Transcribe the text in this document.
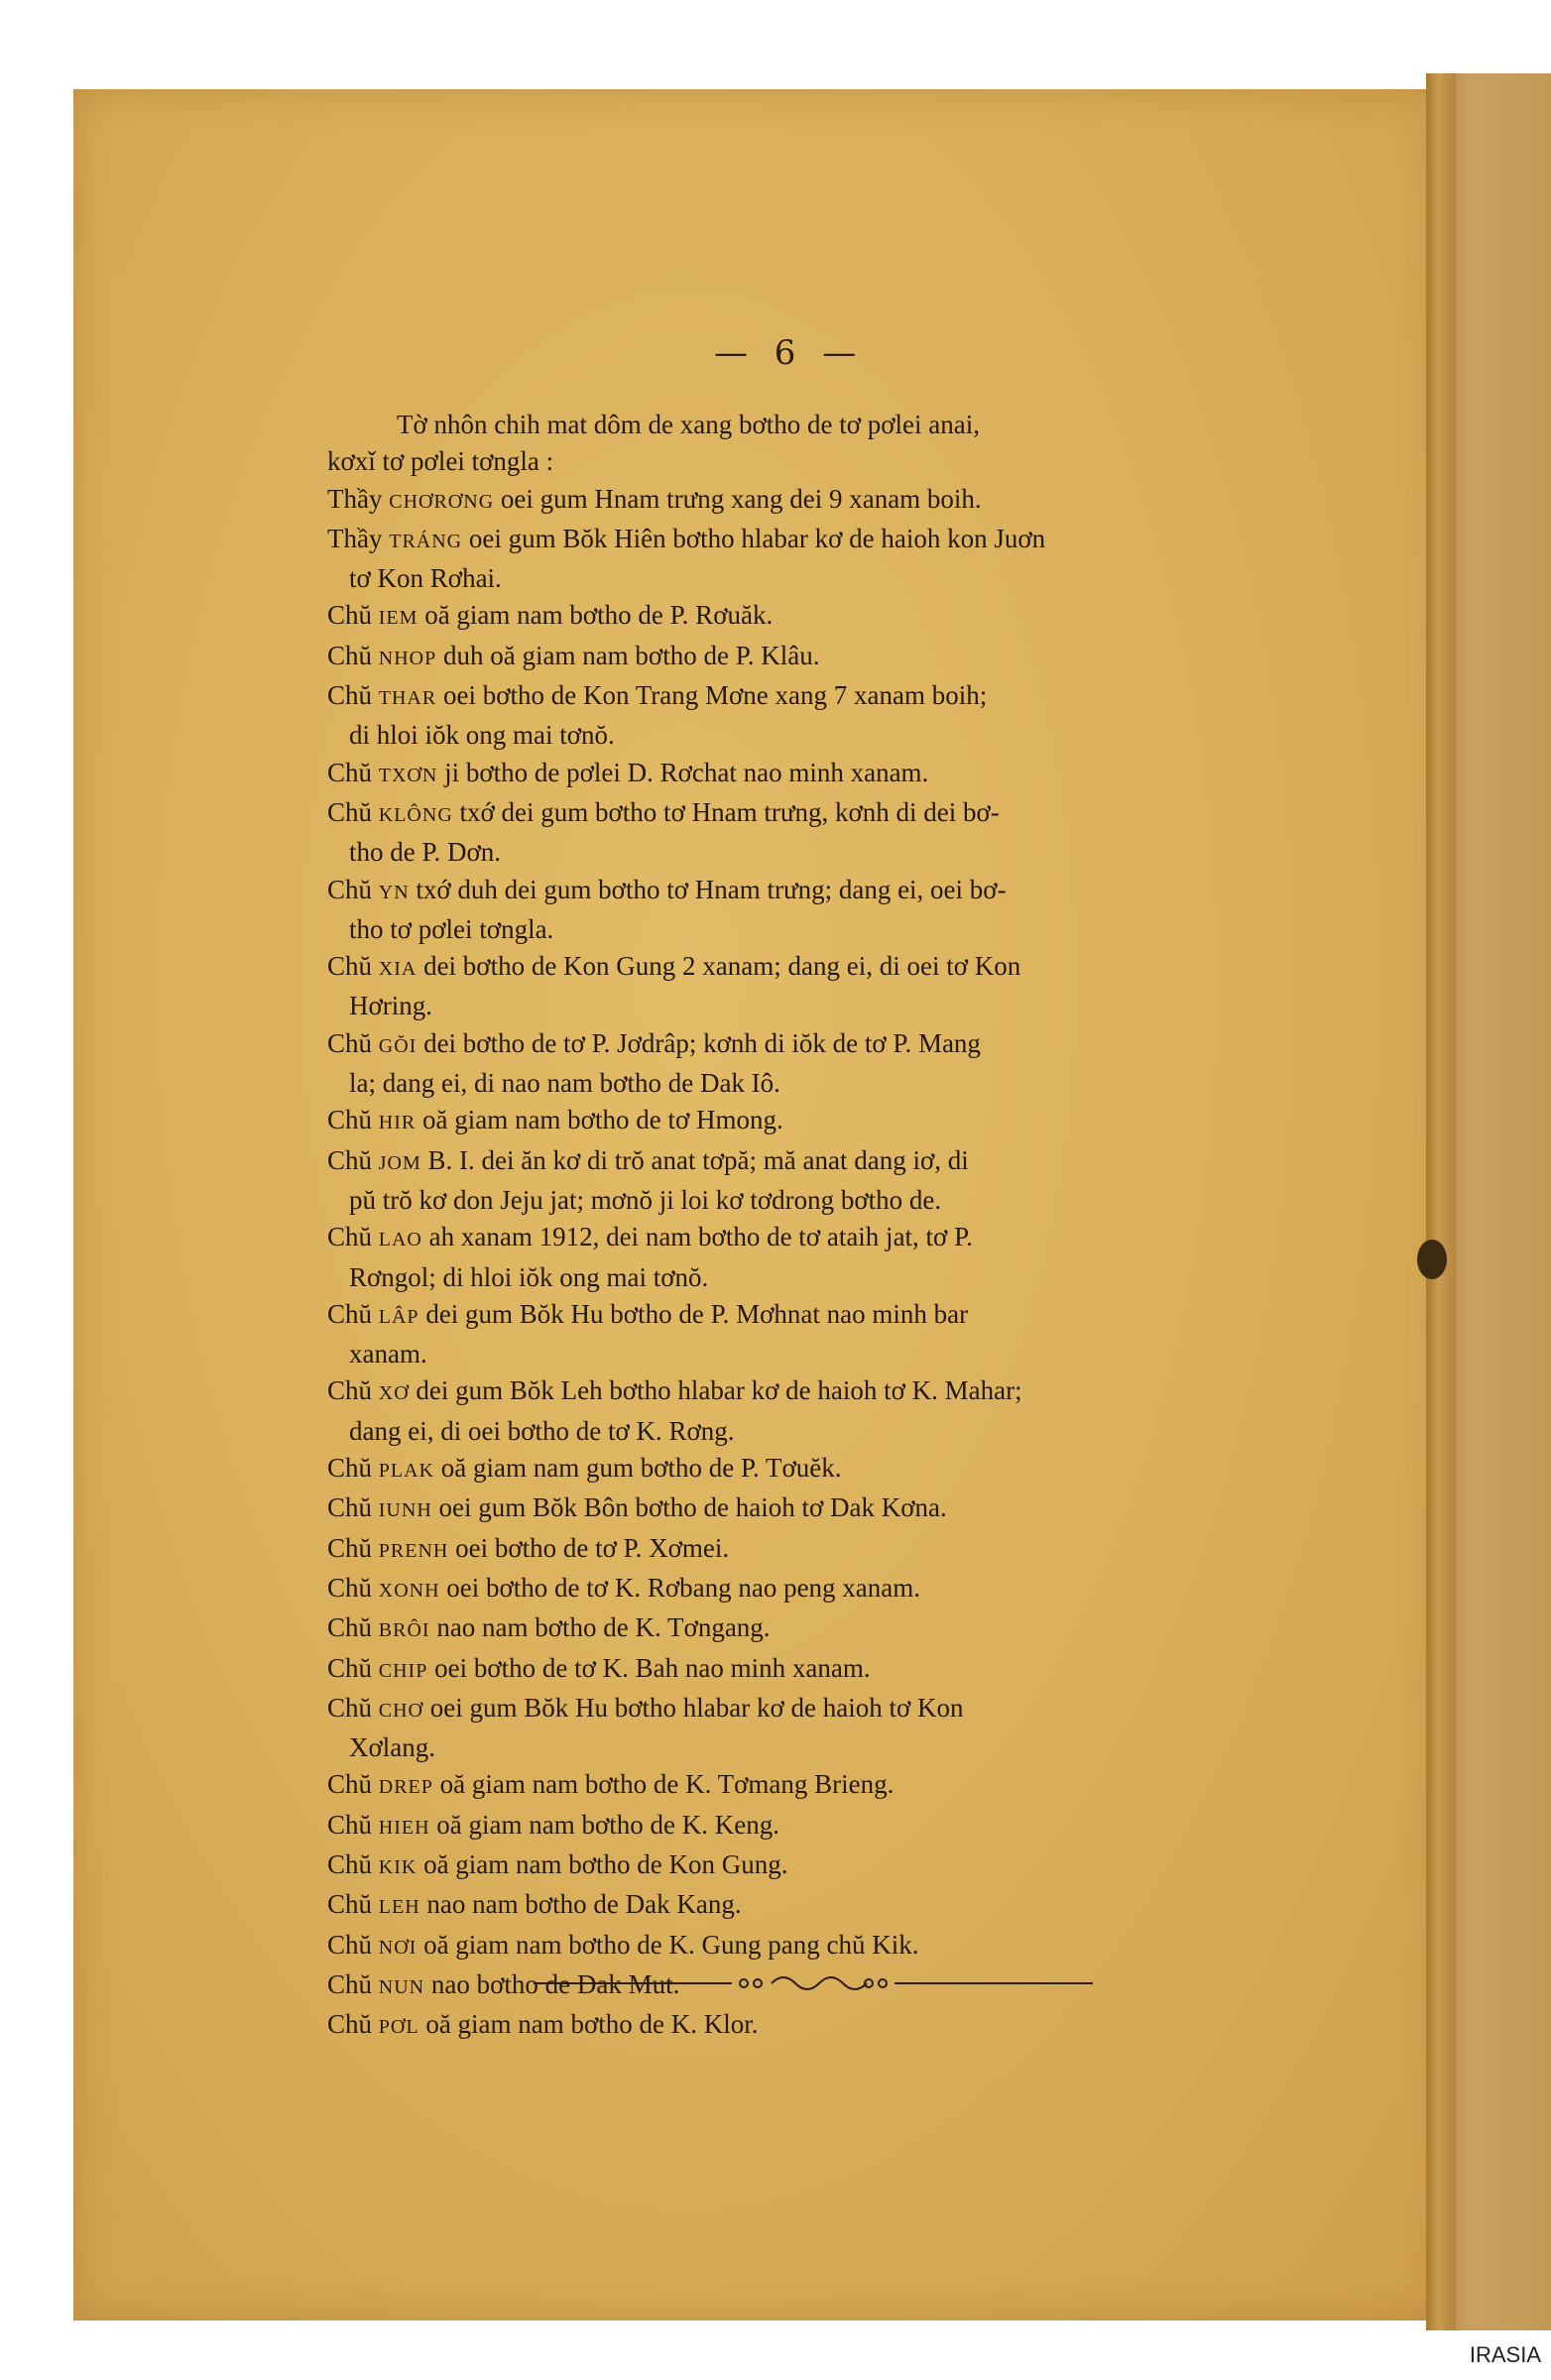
— 6 —
Tờ nhôn chih mat dôm de xang bơtho de tơ pơlei anai,
kơxǐ tơ pơlei tơngla :
Thầy CHƠRƠNG oei gum Hnam trưng xang dei 9 xanam boih.
Thầy TRÁNG oei gum Bŏk Hiên bơtho hlabar kơ de haioh kon Juơn
tơ Kon Rơhai.
Chŭ IEM oă giam nam bơtho de P. Rơuăk.
Chŭ NHOP duh oă giam nam bơtho de P. Klâu.
Chŭ THAR oei bơtho de Kon Trang Mơne xang 7 xanam boih;
di hloi iŏk ong mai tơnŏ.
Chŭ TXƠN ji bơtho de pơlei D. Rơchat nao minh xanam.
Chŭ KLÔNG txớ dei gum bơtho tơ Hnam trưng, kơnh di dei bơ-
tho de P. Dơn.
Chŭ YN txớ duh dei gum bơtho tơ Hnam trưng; dang ei, oei bơ-
tho tơ pơlei tơngla.
Chŭ XIA dei bơtho de Kon Gung 2 xanam; dang ei, di oei tơ Kon
Hơring.
Chŭ GŎI dei bơtho de tơ P. Jơdrâp; kơnh di iŏk de tơ P. Mang
la; dang ei, di nao nam bơtho de Dak Iô.
Chŭ HIR oă giam nam bơtho de tơ Hmong.
Chŭ JOM B. I. dei ăn kơ di trŏ anat tơpă; mă anat dang iơ, di
pŭ trŏ kơ don Jeju jat; mơnŏ ji loi kơ tơdrong bơtho de.
Chŭ LAO ah xanam 1912, dei nam bơtho de tơ ataih jat, tơ P.
Rơngol; di hloi iŏk ong mai tơnŏ.
Chŭ LÂP dei gum Bŏk Hu bơtho de P. Mơhnat nao minh bar
xanam.
Chŭ XƠ dei gum Bŏk Leh bơtho hlabar kơ de haioh tơ K. Mahar;
dang ei, di oei bơtho de tơ K. Rơng.
Chŭ PLAK oă giam nam gum bơtho de P. Tơuĕk.
Chŭ IUNH oei gum Bŏk Bôn bơtho de haioh tơ Dak Kơna.
Chŭ PRENH oei bơtho de tơ P. Xơmei.
Chŭ XONH oei bơtho de tơ K. Rơbang nao peng xanam.
Chŭ BRÔI nao nam bơtho de K. Tơngang.
Chŭ CHIP oei bơtho de tơ K. Bah nao minh xanam.
Chŭ CHƠ oei gum Bŏk Hu bơtho hlabar kơ de haioh tơ Kon
Xơlang.
Chŭ DREP oă giam nam bơtho de K. Tơmang Brieng.
Chŭ HIEH oă giam nam bơtho de K. Keng.
Chŭ KIK oă giam nam bơtho de Kon Gung.
Chŭ LEH nao nam bơtho de Dak Kang.
Chŭ NƠI oă giam nam bơtho de K. Gung pang chŭ Kik.
Chŭ NUN nao bơtho de Dak Mut.
Chŭ PƠL oă giam nam bơtho de K. Klor.
IRASIA
